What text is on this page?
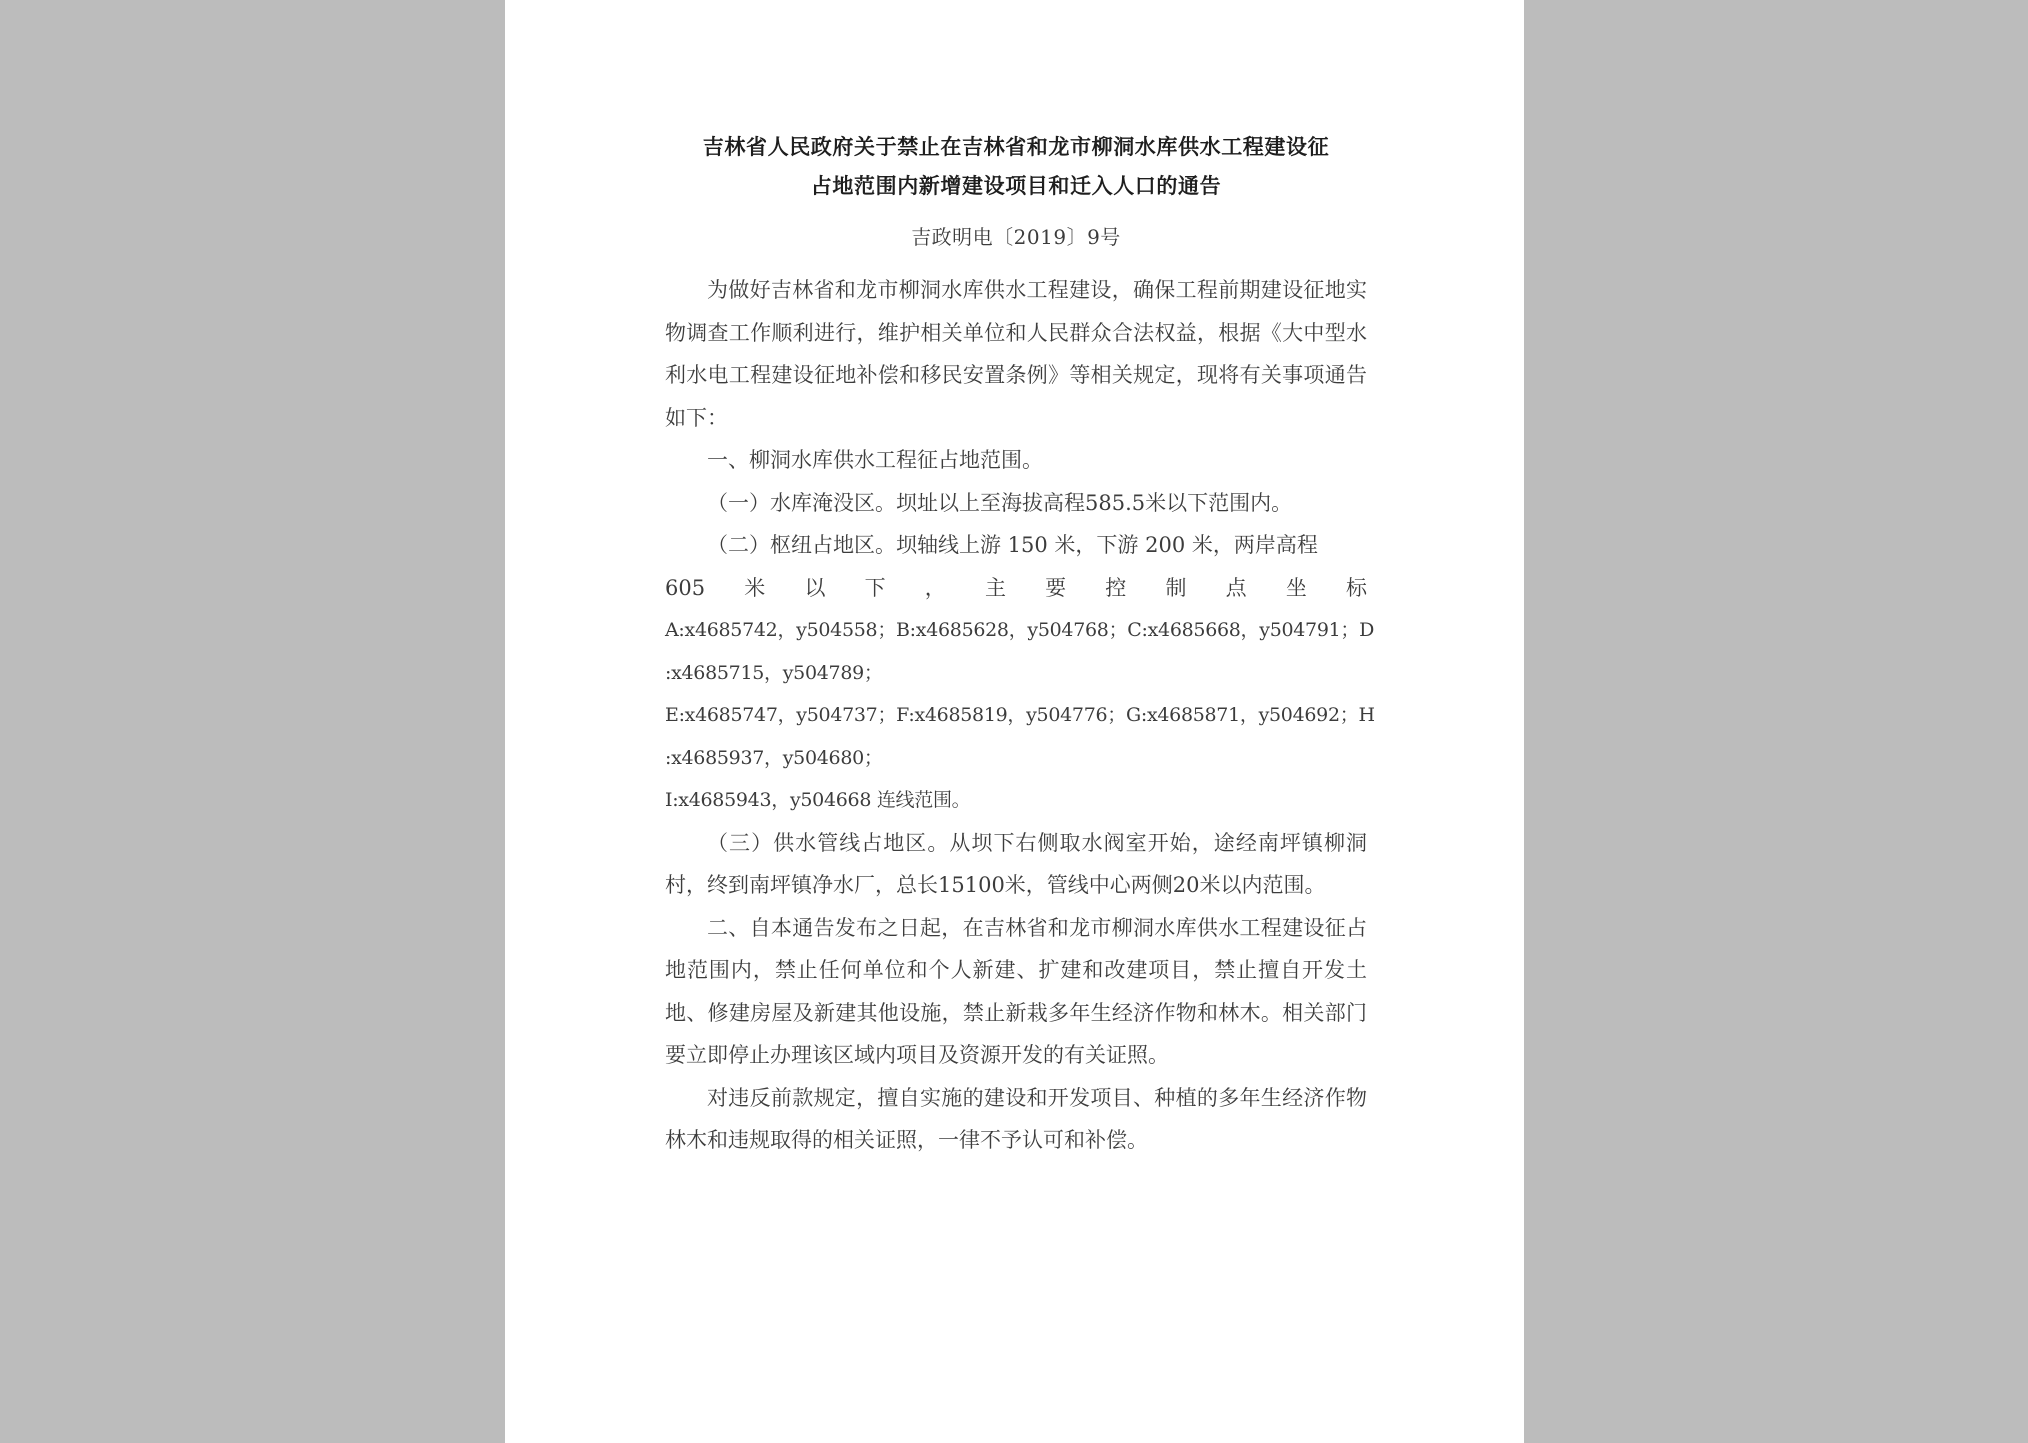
吉林省人民政府关于禁止在吉林省和龙市柳洞水库供水工程建设征
占地范围内新增建设项目和迁入人口的通告
吉政明电〔2019〕9号

为做好吉林省和龙市柳洞水库供水工程建设，确保工程前期建设征地实物调查工作顺利进行，维护相关单位和人民群众合法权益，根据《大中型水利水电工程建设征地补偿和移民安置条例》等相关规定，现将有关事项通告如下：

一、柳洞水库供水工程征占地范围。

（一）水库淹没区。坝址以上至海拔高程585.5米以下范围内。

（二）枢纽占地区。坝轴线上游 150 米，下游 200 米，两岸高程

605 米 以 下 ， 主 要 控 制 点 坐 标
A:x4685742，y504558；B:x4685628，y504768；C:x4685668，y504791；D
:x4685715，y504789；
E:x4685747，y504737；F:x4685819，y504776；G:x4685871，y504692；H
:x4685937，y504680；
I:x4685943，y504668 连线范围。

（三）供水管线占地区。从坝下右侧取水阀室开始，途经南坪镇柳洞村，终到南坪镇净水厂，总长15100米，管线中心两侧20米以内范围。

二、自本通告发布之日起，在吉林省和龙市柳洞水库供水工程建设征占地范围内，禁止任何单位和个人新建、扩建和改建项目，禁止擅自开发土地、修建房屋及新建其他设施，禁止新栽多年生经济作物和林木。相关部门要立即停止办理该区域内项目及资源开发的有关证照。

对违反前款规定，擅自实施的建设和开发项目、种植的多年生经济作物林木和违规取得的相关证照，一律不予认可和补偿。
